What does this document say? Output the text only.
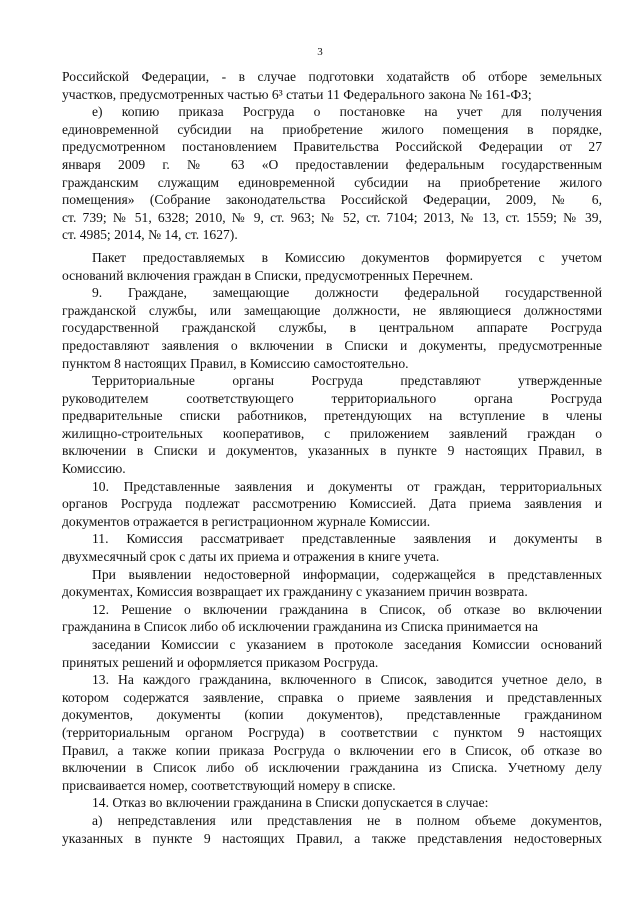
3
Российской Федерации, - в случае подготовки ходатайств об отборе земельных
участков, предусмотренных частью 6³ статьи 11 Федерального закона № 161-ФЗ;
е) копию приказа Росгруда о постановке на учет для получения
единовременной субсидии на приобретение жилого помещения в порядке,
предусмотренном постановлением Правительства Российской Федерации от 27
января 2009 г. № 63 «О предоставлении федеральным государственным
гражданским служащим единовременной субсидии на приобретение жилого
помещения» (Собрание законодательства Российской Федерации, 2009, № 6,
ст. 739; № 51, 6328; 2010, № 9, ст. 963; № 52, ст. 7104; 2013, № 13, ст. 1559; № 39,
ст. 4985; 2014, № 14, ст. 1627).
Пакет предоставляемых в Комиссию документов формируется с учетом
оснований включения граждан в Списки, предусмотренных Перечнем.
9. Граждане, замещающие должности федеральной государственной
гражданской службы, или замещающие должности, не являющиеся должностями
государственной гражданской службы, в центральном аппарате Росгруда
предоставляют заявления о включении в Списки и документы, предусмотренные
пунктом 8 настоящих Правил, в Комиссию самостоятельно.
Территориальные органы Росгруда представляют утвержденные
руководителем соответствующего территориального органа Росгруда
предварительные списки работников, претендующих на вступление в члены
жилищно-строительных кооперативов, с приложением заявлений граждан о
включении в Списки и документов, указанных в пункте 9 настоящих Правил, в
Комиссию.
10. Представленные заявления и документы от граждан, территориальных
органов Росгруда подлежат рассмотрению Комиссией. Дата приема заявления и
документов отражается в регистрационном журнале Комиссии.
11. Комиссия рассматривает представленные заявления и документы в
двухмесячный срок с даты их приема и отражения в книге учета.
При выявлении недостоверной информации, содержащейся в представленных
документах, Комиссия возвращает их гражданину с указанием причин возврата.
12. Решение о включении гражданина в Список, об отказе во включении
гражданина в Список либо об исключении гражданина из Списка принимается на
заседании Комиссии с указанием в протоколе заседания Комиссии оснований
принятых решений и оформляется приказом Росгруда.
13. На каждого гражданина, включенного в Список, заводится учетное дело, в
котором содержатся заявление, справка о приеме заявления и представленных
документов, документы (копии документов), представленные гражданином
(территориальным органом Росгруда) в соответствии с пунктом 9 настоящих
Правил, а также копии приказа Росгруда о включении его в Список, об отказе во
включении в Список либо об исключении гражданина из Списка. Учетному делу
присваивается номер, соответствующий номеру в списке.
14. Отказ во включении гражданина в Списки допускается в случае:
а) непредставления или представления не в полном объеме документов,
указанных в пункте 9 настоящих Правил, а также представления недостоверных
